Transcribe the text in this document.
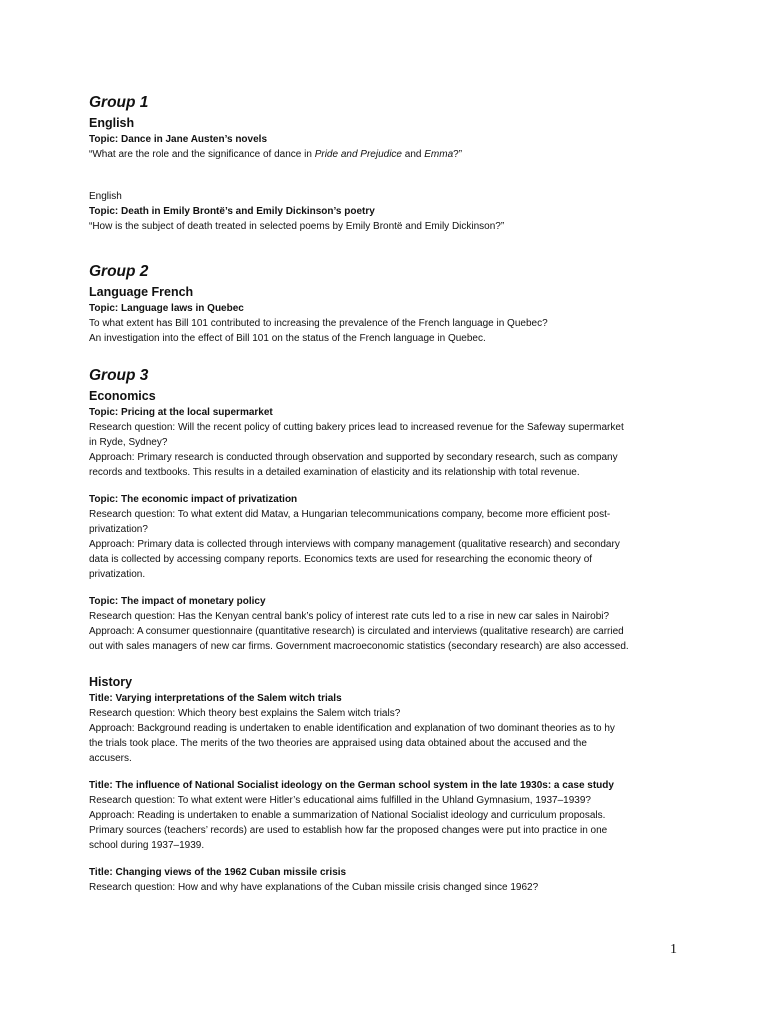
Group 1
English
Topic: Dance in Jane Austen’s novels
“What are the role and the significance of dance in Pride and Prejudice and Emma?”
English
Topic: Death in Emily Brontë’s and Emily Dickinson’s poetry
“How is the subject of death treated in selected poems by Emily Brontë and Emily Dickinson?”
Group 2
Language French
Topic: Language laws in Quebec
To what extent has Bill 101 contributed to increasing the prevalence of the French language in Quebec?
An investigation into the effect of Bill 101 on the status of the French language in Quebec.
Group 3
Economics
Topic: Pricing at the local supermarket
Research question: Will the recent policy of cutting bakery prices lead to increased revenue for the Safeway supermarket
in Ryde, Sydney?
Approach: Primary research is conducted through observation and supported by secondary research, such as company
records and textbooks. This results in a detailed examination of elasticity and its relationship with total revenue.
Topic: The economic impact of privatization
Research question: To what extent did Matav, a Hungarian telecommunications company, become more efficient post-
privatization?
Approach: Primary data is collected through interviews with company management (qualitative research) and secondary
data is collected by accessing company reports. Economics texts are used for researching the economic theory of
privatization.
Topic: The impact of monetary policy
Research question: Has the Kenyan central bank’s policy of interest rate cuts led to a rise in new car sales in Nairobi?
Approach: A consumer questionnaire (quantitative research) is circulated and interviews (qualitative research) are carried
out with sales managers of new car firms. Government macroeconomic statistics (secondary research) are also accessed.
History
Title: Varying interpretations of the Salem witch trials
Research question: Which theory best explains the Salem witch trials?
Approach: Background reading is undertaken to enable identification and explanation of two dominant theories as to hy
the trials took place. The merits of the two theories are appraised using data obtained about the accused and the
accusers.
Title: The influence of National Socialist ideology on the German school system in the late 1930s: a case study
Research question: To what extent were Hitler’s educational aims fulfilled in the Uhland Gymnasium, 1937–1939?
Approach: Reading is undertaken to enable a summarization of National Socialist ideology and curriculum proposals.
Primary sources (teachers’ records) are used to establish how far the proposed changes were put into practice in one
school during 1937–1939.
Title: Changing views of the 1962 Cuban missile crisis
Research question: How and why have explanations of the Cuban missile crisis changed since 1962?
1
